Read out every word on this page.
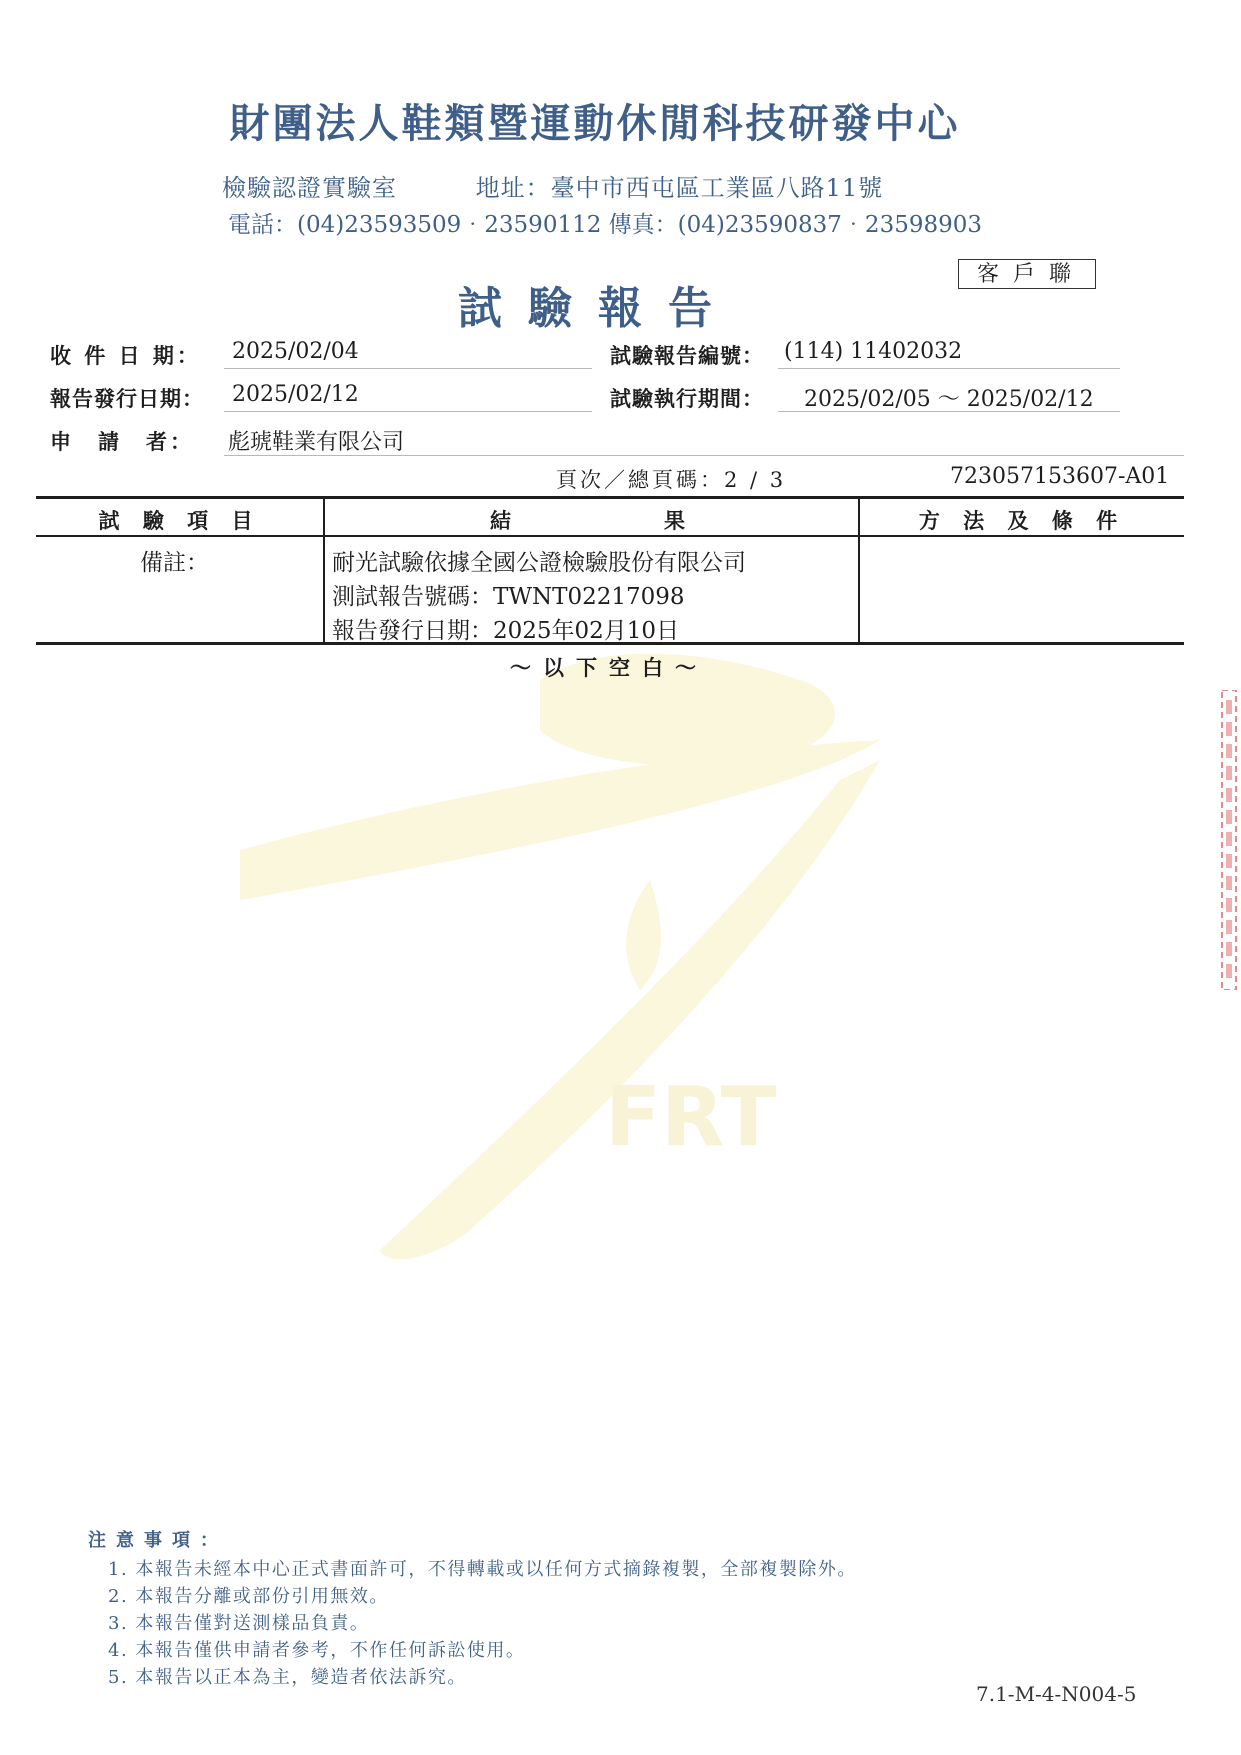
FRT
財團法人鞋類暨運動休閒科技研發中心
檢驗認證實驗室	地址：臺中市西屯區工業區八路11號
電話：(04)23593509‧23590112 傳真：(04)23590837‧23598903
客戶聯
試驗報告
收 件 日 期： 2025/02/04	試驗報告編號： (114) 11402032
報告發行日期： 2025/02/12	試驗執行期間： 2025/02/05 ～ 2025/02/12
申　請　者： 彪琥鞋業有限公司
頁次／總頁碼：2 / 3	723057153607-A01
試 驗 項 目	結　　　　　果	方 法 及 條 件
備註：	耐光試驗依據全國公證檢驗股份有限公司
測試報告號碼：TWNT02217098
報告發行日期：2025年02月10日
～以下空白～
注意事項：
1. 本報告未經本中心正式書面許可，不得轉載或以任何方式摘錄複製，全部複製除外。
2. 本報告分離或部份引用無效。
3. 本報告僅對送測樣品負責。
4. 本報告僅供申請者參考，不作任何訴訟使用。
5. 本報告以正本為主，變造者依法訴究。
7.1-M-4-N004-5
